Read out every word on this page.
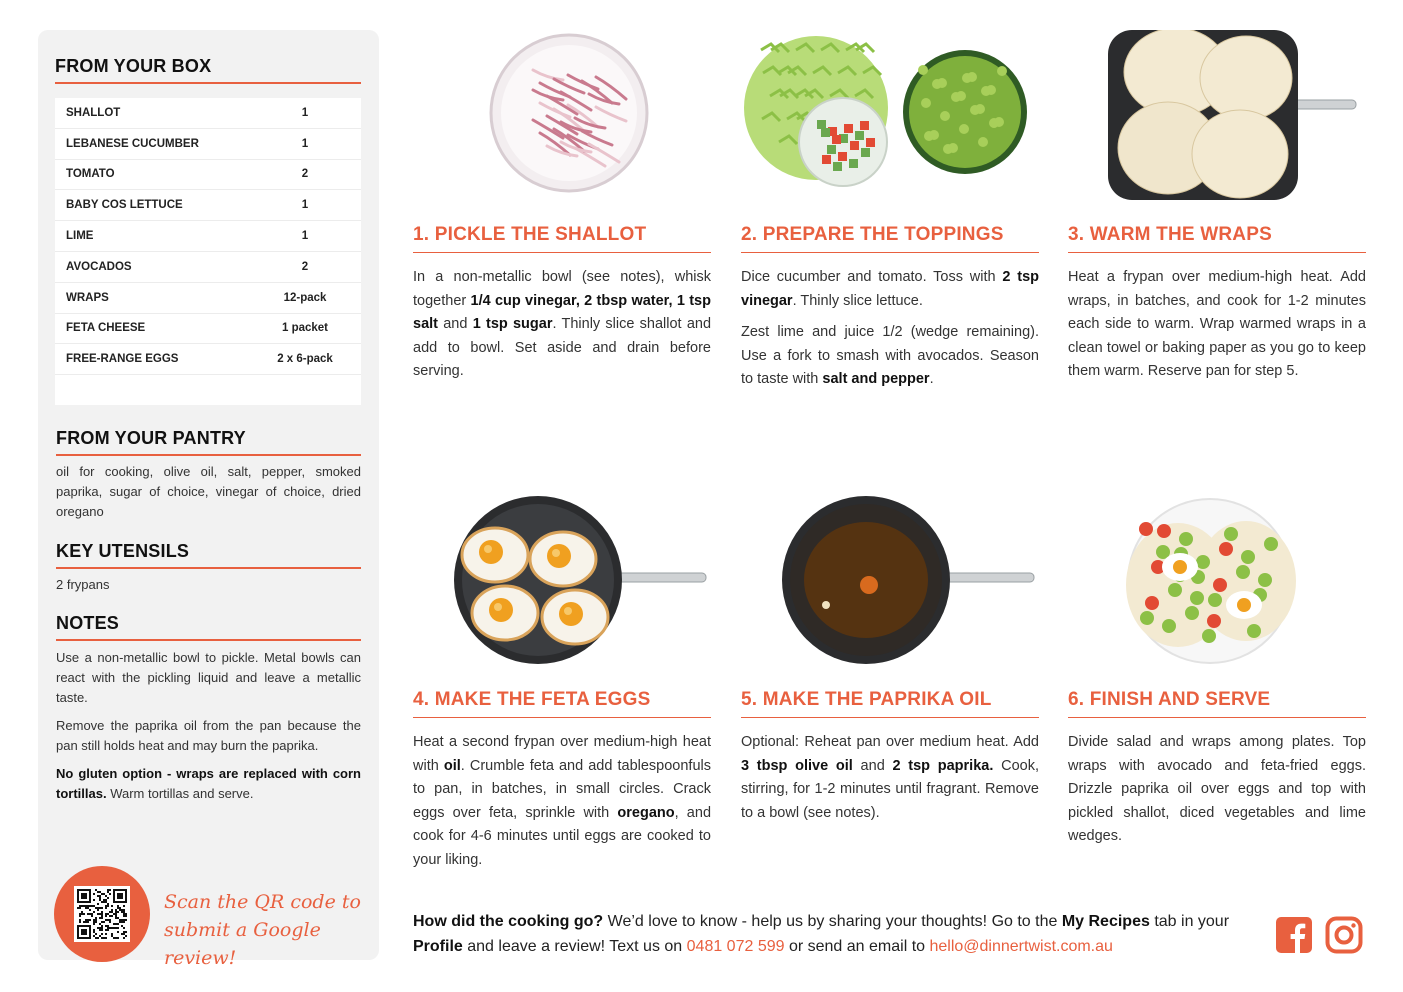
FROM YOUR BOX
SHALLOT	1
LEBANESE CUCUMBER	1
TOMATO	2
BABY COS LETTUCE	1
LIME	1
AVOCADOS	2
WRAPS	12-pack
FETA CHEESE	1 packet
FREE-RANGE EGGS	2 x 6-pack
FROM YOUR PANTRY
oil for cooking, olive oil, salt, pepper, smoked paprika, sugar of choice, vinegar of choice, dried oregano
KEY UTENSILS
2 frypans
NOTES

Use a non-metallic bowl to pickle. Metal bowls can react with the pickling liquid and leave a metallic taste.

Remove the paprika oil from the pan because the pan still holds heat and may burn the paprika.

No gluten option - wraps are replaced with corn tortillas. Warm tortillas and serve.

Scan the QR code to
submit a Google review!
1. PICKLE THE SHALLOT

In a non-metallic bowl (see notes), whisk together 1/4 cup vinegar, 2 tbsp water, 1 tsp salt and 1 tsp sugar. Thinly slice shallot and add to bowl. Set aside and drain before serving.

2. PREPARE THE TOPPINGS

Dice cucumber and tomato. Toss with 2 tsp vinegar. Thinly slice lettuce.

Zest lime and juice 1/2 (wedge remaining). Use a fork to smash with avocados. Season to taste with salt and pepper.

3. WARM THE WRAPS

Heat a frypan over medium-high heat. Add wraps, in batches, and cook for 1-2 minutes each side to warm. Wrap warmed wraps in a clean towel or baking paper as you go to keep them warm. Reserve pan for step 5.

4. MAKE THE FETA EGGS

Heat a second frypan over medium-high heat with oil. Crumble feta and add tablespoonfuls to pan, in batches, in small circles. Crack eggs over feta, sprinkle with oregano, and cook for 4-6 minutes until eggs are cooked to your liking.

5. MAKE THE PAPRIKA OIL

Optional: Reheat pan over medium heat. Add 3 tbsp olive oil and 2 tsp paprika. Cook, stirring, for 1-2 minutes until fragrant. Remove to a bowl (see notes).

6. FINISH AND SERVE

Divide salad and wraps among plates. Top wraps with avocado and feta-fried eggs. Drizzle paprika oil over eggs and top with pickled shallot, diced vegetables and lime wedges.

How did the cooking go? We’d love to know - help us by sharing your thoughts! Go to the My Recipes tab in your Profile and leave a review! Text us on 0481 072 599 or send an email to hello@dinnertwist.com.au
